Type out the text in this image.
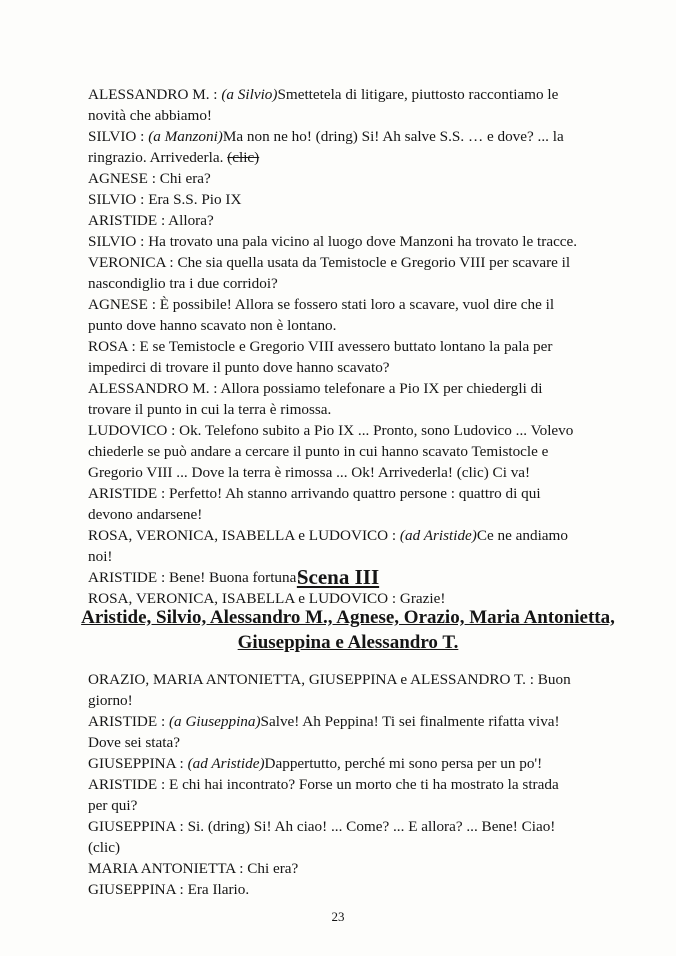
ALESSANDRO M. : (a Silvio)Smettetela di litigare, piuttosto raccontiamo le
novità che abbiamo!
SILVIO : (a Manzoni)Ma non ne ho! (dring) Si! Ah salve S.S. … e dove? ... la
ringrazio. Arrivederla. (clic)
AGNESE : Chi era?
SILVIO : Era S.S. Pio IX
ARISTIDE : Allora?
SILVIO : Ha trovato una pala vicino al luogo dove Manzoni ha trovato le tracce.
VERONICA : Che sia quella usata da Temistocle e Gregorio VIII per scavare il
nascondiglio tra i due corridoi?
AGNESE : È possibile! Allora se fossero stati loro a scavare, vuol dire che il
punto dove hanno scavato non è lontano.
ROSA : E se Temistocle e Gregorio VIII avessero buttato lontano la pala per
impedirci di trovare il punto dove hanno scavato?
ALESSANDRO M. : Allora possiamo telefonare a Pio IX per chiedergli di
trovare il punto in cui la terra è rimossa.
LUDOVICO : Ok. Telefono subito a Pio IX ... Pronto, sono Ludovico ... Volevo
chiederle se può andare a cercare il punto in cui hanno scavato Temistocle e
Gregorio VIII ... Dove la terra è rimossa ... Ok! Arrivederla! (clic) Ci va!
ARISTIDE : Perfetto! Ah stanno arrivando quattro persone : quattro di qui
devono andarsene!
ROSA, VERONICA, ISABELLA e LUDOVICO : (ad Aristide)Ce ne andiamo
noi!
ARISTIDE : Bene! Buona fortuna!
ROSA, VERONICA, ISABELLA e LUDOVICO : Grazie!
Scena III
Aristide, Silvio, Alessandro M., Agnese, Orazio, Maria Antonietta,
Giuseppina e Alessandro T.
ORAZIO, MARIA ANTONIETTA, GIUSEPPINA e ALESSANDRO T. : Buon
giorno!
ARISTIDE : (a Giuseppina)Salve! Ah Peppina! Ti sei finalmente rifatta viva!
Dove sei stata?
GIUSEPPINA : (ad Aristide)Dappertutto, perché mi sono persa per un po'!
ARISTIDE : E chi hai incontrato? Forse un morto che ti ha mostrato la strada
per qui?
GIUSEPPINA : Si. (dring) Si! Ah ciao! ... Come? ... E allora? ... Bene! Ciao!
(clic)
MARIA ANTONIETTA : Chi era?
GIUSEPPINA : Era Ilario.
23
